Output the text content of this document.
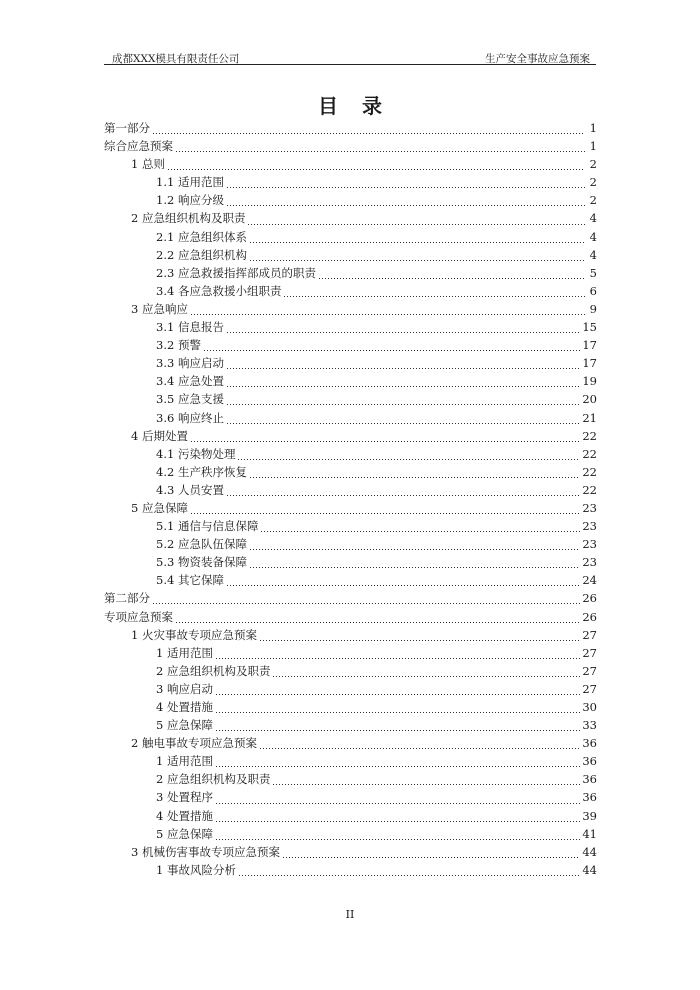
成都XXX模具有限责任公司	生产安全事故应急预案
目录
第一部分	1
综合应急预案	1
1 总则	2
1.1 适用范围	2
1.2 响应分级	2
2 应急组织机构及职责	4
2.1 应急组织体系	4
2.2 应急组织机构	4
2.3 应急救援指挥部成员的职责	5
3.4 各应急救援小组职责	6
3 应急响应	9
3.1 信息报告	15
3.2 预警	17
3.3 响应启动	17
3.4 应急处置	19
3.5 应急支援	20
3.6 响应终止	21
4 后期处置	22
4.1 污染物处理	22
4.2 生产秩序恢复	22
4.3 人员安置	22
5 应急保障	23
5.1 通信与信息保障	23
5.2 应急队伍保障	23
5.3 物资装备保障	23
5.4 其它保障	24
第二部分	26
专项应急预案	26
1 火灾事故专项应急预案	27
1 适用范围	27
2 应急组织机构及职责	27
3 响应启动	27
4 处置措施	30
5 应急保障	33
2 触电事故专项应急预案	36
1 适用范围	36
2 应急组织机构及职责	36
3 处置程序	36
4 处置措施	39
5 应急保障	41
3 机械伤害事故专项应急预案	44
1 事故风险分析	44
II
